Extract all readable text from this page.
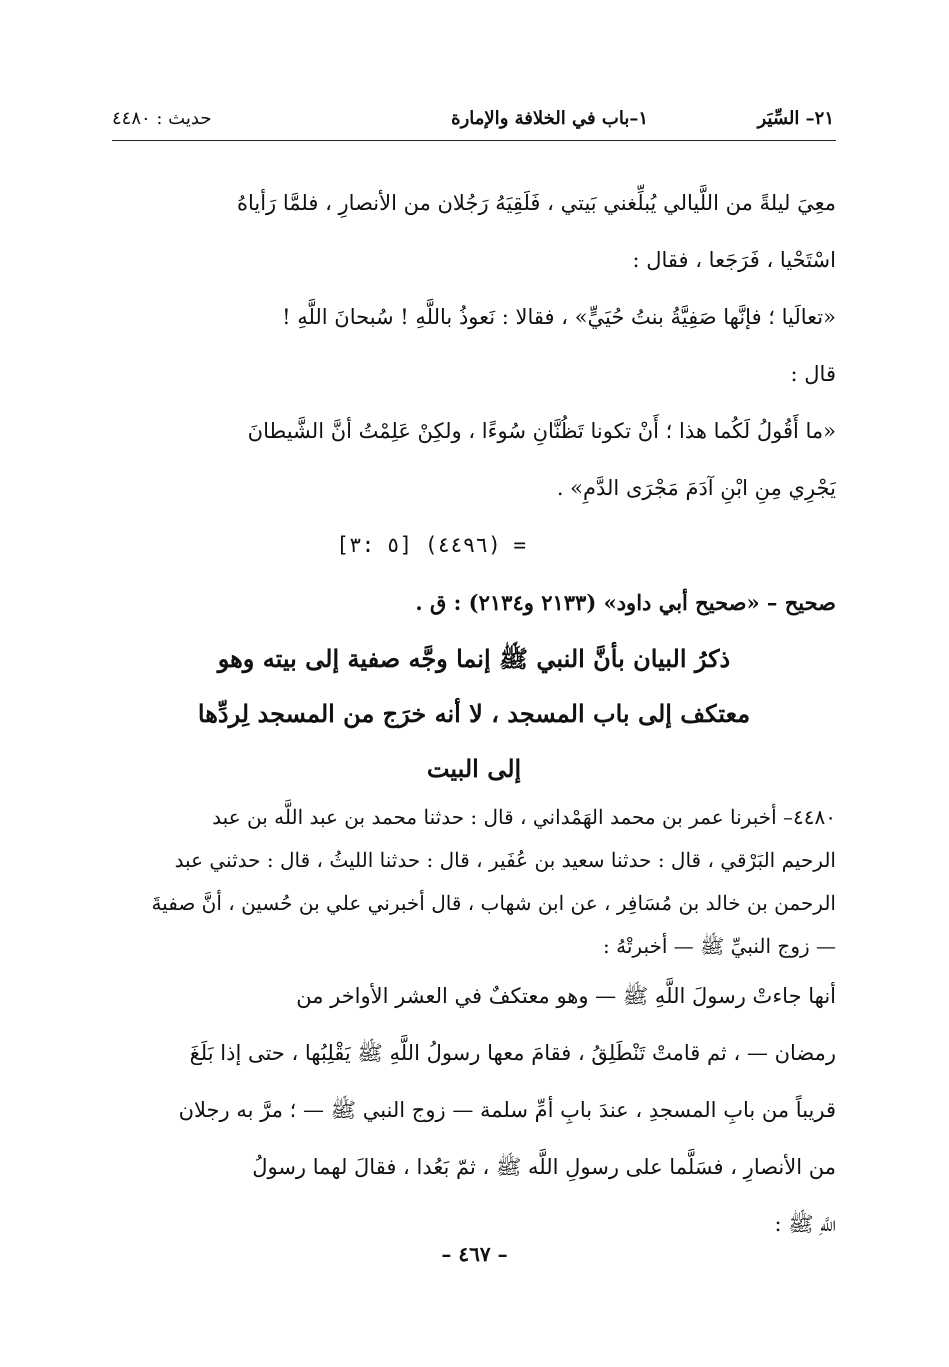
٢١– السِّيَر
١–باب في الخلافة والإمارة
حديث : ٤٤٨٠

معِيَ ليلةً من اللَّيالي يُبلِّغني بَيتي ، فَلَقِيَهُ رَجُلان من الأنصارِ ، فلمَّا رَأياهُ
اسْتَحْيا ، فَرَجَعا ، فقال :

«تعالَيا ؛ فإنَّها صَفِيَّةُ بنتُ حُيَيٍّ» ، فقالا : نَعوذُ باللَّهِ ! سُبحانَ اللَّهِ !
قال :

«ما أَقُولُ لَكُما هذا ؛ أَنْ تكونا تَظُنَّانِ سُوءًا ، ولكِنْ عَلِمْتُ أنَّ الشَّيطانَ
يَجْرِي مِنِ ابْنِ آدَمَ مَجْرَى الدَّمِ» .

= (٤٤٩٦) [٥ :٣]
صحيح – «صحيح أبي داود» (٢١٣٣ و٢١٣٤) : ق .
ذكرُ البيان بأنَّ النبي ﷺ إنما وجَّه صفية إلى بيته وهو
معتكف إلى باب المسجد ، لا أنه خرَج من المسجد لِردِّها
إلى البيت

٤٤٨٠– أخبرنا عمر بن محمد الهَمْداني ، قال : حدثنا محمد بن عبد اللَّه بن عبد
الرحيم البَرْقي ، قال : حدثنا سعيد بن عُفَير ، قال : حدثنا الليثُ ، قال : حدثني عبد
الرحمن بن خالد بن مُسَافِر ، عن ابن شهاب ، قال أخبرني علي بن حُسين ، أنَّ صفيةَ
— زوج النبيِّ ﷺ — أخبرتْهُ :

أنها جاءتْ رسولَ اللَّهِ ﷺ — وهو معتكفٌ في العشر الأواخر من
رمضان — ، ثم قامتْ تَنْطَلِقُ ، فقامَ معها رسولُ اللَّهِ ﷺ يَقْلِبُها ، حتى إذا بَلَغَ
قريباً من بابِ المسجدِ ، عندَ بابِ أمِّ سلمة — زوج النبي ﷺ — ؛ مرَّ به رجلان
من الأنصارِ ، فسَلَّما على رسولِ اللَّه ﷺ ، ثمّ بَعُدا ، فقالَ لهما رسولُ
اللَّهِ ﷺ :

– ٤٦٧ –
